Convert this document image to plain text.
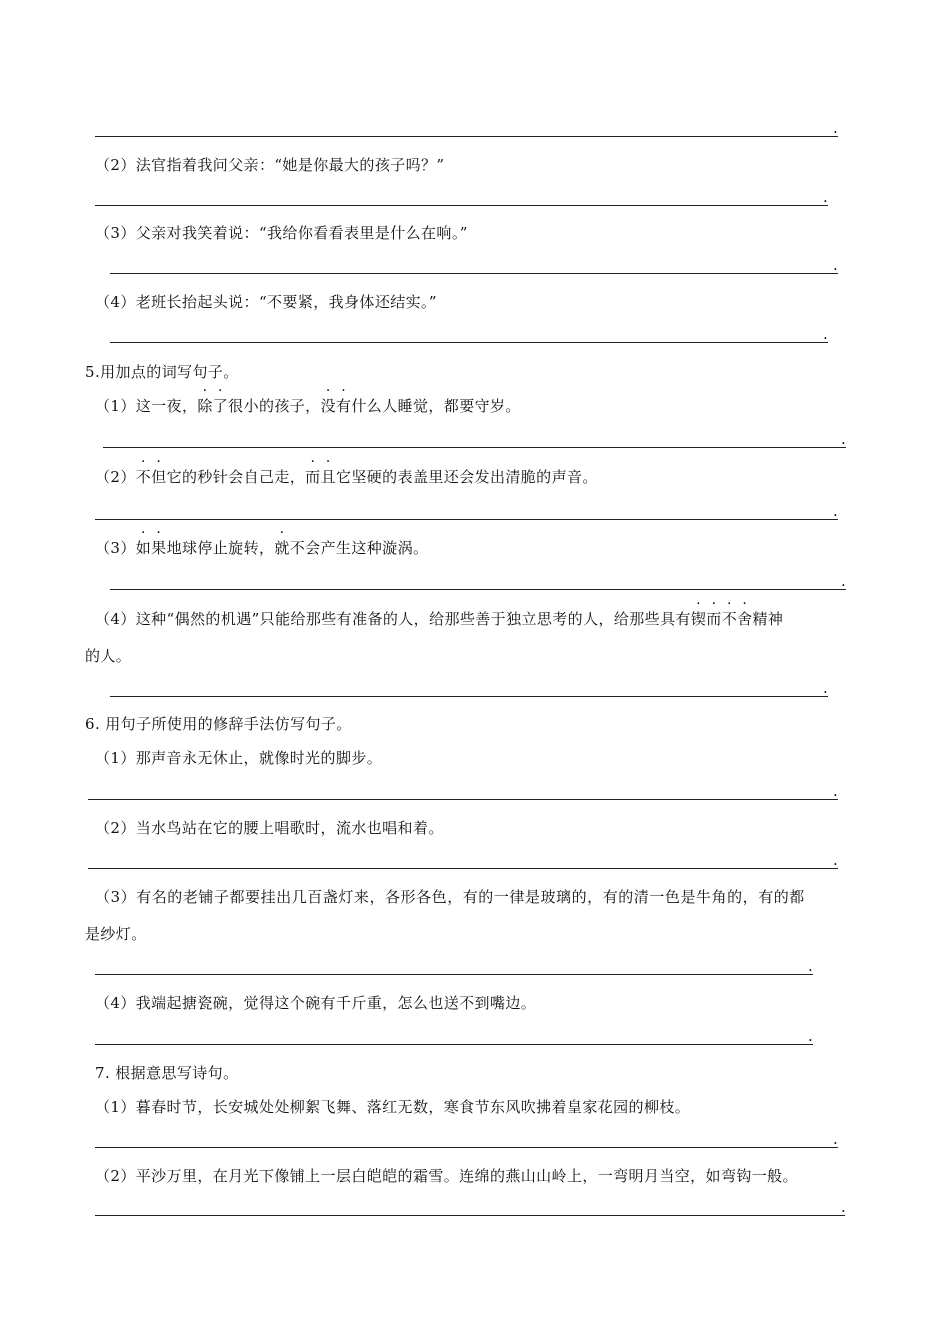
.
（2）法官指着我问父亲：“她是你最大的孩子吗？”
.
（3）父亲对我笑着说：“我给你看看表里是什么在响。”
.
（4）老班长抬起头说：“不要紧，我身体还结实。”
.
5.用加点的词写句子。
（1）这一夜，除了很小的孩子，没有什么人睡觉，都要守岁。
.
（2）不但它的秒针会自己走，而且它坚硬的表盖里还会发出清脆的声音。
.
（3）如果地球停止旋转，就不会产生这种漩涡。
.
（4）这种“偶然的机遇”只能给那些有准备的人，给那些善于独立思考的人，给那些具有锲而不舍精神
的人。
.
6. 用句子所使用的修辞手法仿写句子。
（1）那声音永无休止，就像时光的脚步。
.
（2）当水鸟站在它的腰上唱歌时，流水也唱和着。
.
（3）有名的老铺子都要挂出几百盏灯来，各形各色，有的一律是玻璃的，有的清一色是牛角的，有的都
是纱灯。
.
（4）我端起搪瓷碗，觉得这个碗有千斤重，怎么也送不到嘴边。
.
7. 根据意思写诗句。
（1）暮春时节，长安城处处柳絮飞舞、落红无数，寒食节东风吹拂着皇家花园的柳枝。
.
（2）平沙万里，在月光下像铺上一层白皑皑的霜雪。连绵的燕山山岭上，一弯明月当空，如弯钩一般。
.
